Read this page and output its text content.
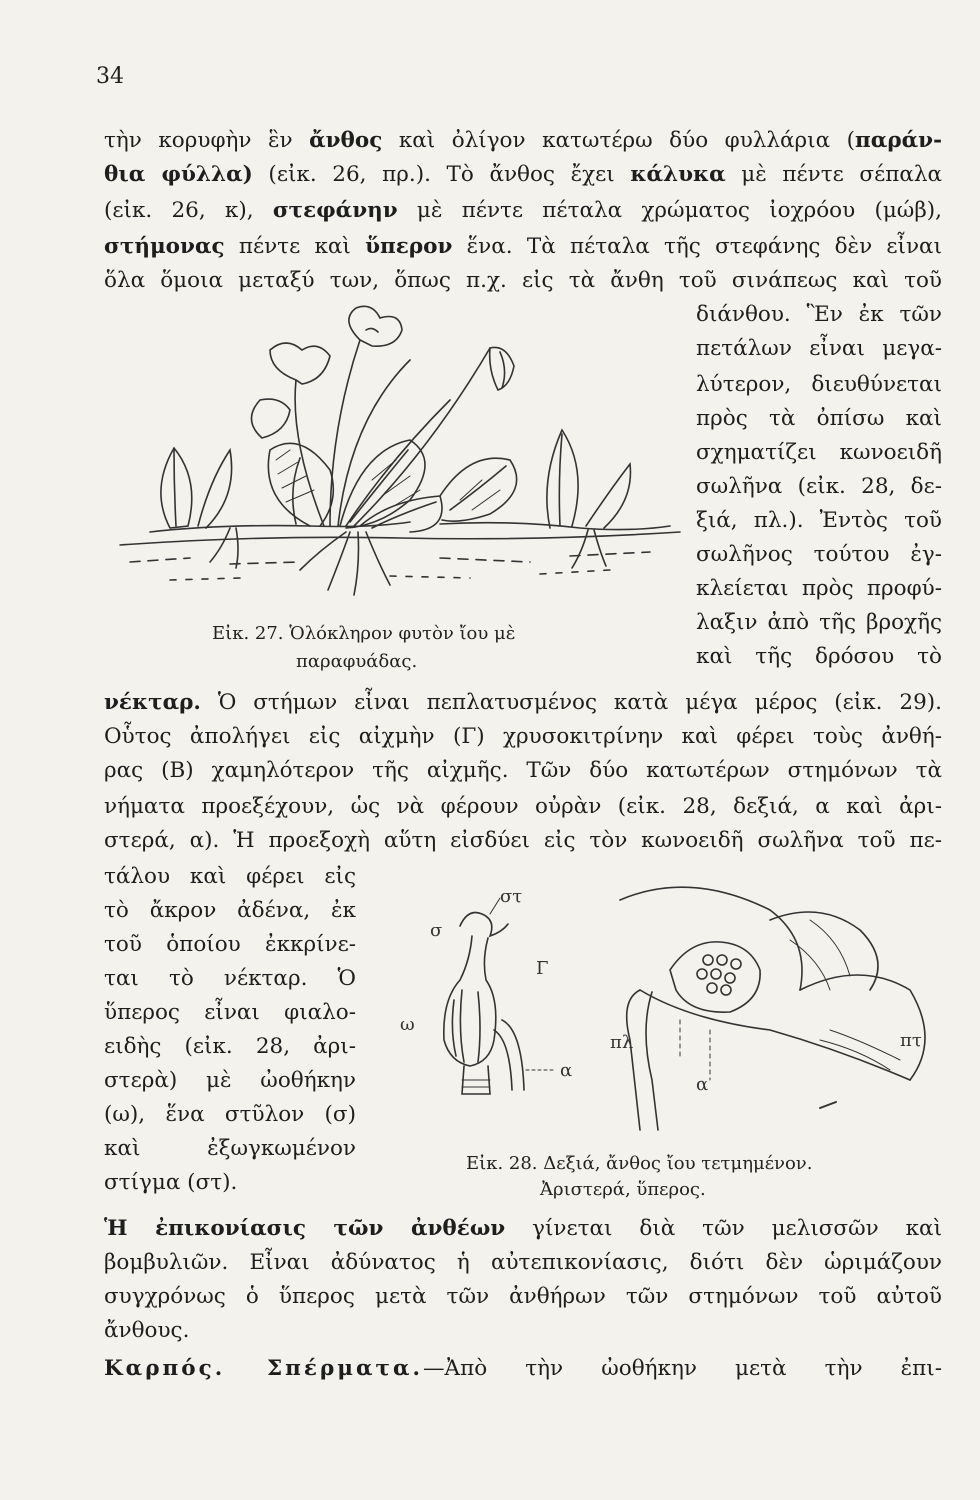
34
τὴν κορυφὴν ἓν ἄνθος καὶ ὀλίγον κατωτέρω δύο φυλλάρια (παράν-
θια φύλλα) (εἰκ. 26, πρ.). Τὸ ἄνθος ἔχει κάλυκα μὲ πέντε σέπαλα
(εἰκ. 26, κ), στεφάνην μὲ πέντε πέταλα χρώματος ἰοχρόου (μώβ),
στήμονας πέντε καὶ ὕπερον ἕνα. Τὰ πέταλα τῆς στεφάνης δὲν εἶναι
ὅλα ὅμοια μεταξύ των, ὅπως π.χ. εἰς τὰ ἄνθη τοῦ σινάπεως καὶ τοῦ
διάνθου. Ἓν ἐκ τῶν
πετάλων εἶναι μεγα-
λύτερον, διευθύνεται
πρὸς τὰ ὀπίσω καὶ
σχηματίζει κωνοειδῆ
σωλῆνα (εἰκ. 28, δε-
ξιά, πλ.). Ἐντὸς τοῦ
σωλῆνος τούτου ἐγ-
κλείεται πρὸς προφύ-
λαξιν ἀπὸ τῆς βροχῆς
καὶ τῆς δρόσου τὸ
Εἰκ. 27. Ὁλόκληρον φυτὸν ἴου μὲ
παραφυάδας.
νέκταρ. Ὁ στήμων εἶναι πεπλατυσμένος κατὰ μέγα μέρος (εἰκ. 29).
Οὗτος ἀπολήγει εἰς αἰχμὴν (Γ) χρυσοκιτρίνην καὶ φέρει τοὺς ἀνθή-
ρας (Β) χαμηλότερον τῆς αἰχμῆς. Τῶν δύο κατωτέρων στημόνων τὰ
νήματα προεξέχουν, ὡς νὰ φέρουν οὐρὰν (εἰκ. 28, δεξιά, α καὶ ἀρι-
στερά, α). Ἡ προεξοχὴ αὕτη εἰσδύει εἰς τὸν κωνοειδῆ σωλῆνα τοῦ πε-
τάλου καὶ φέρει εἰς
τὸ ἄκρον ἀδένα, ἐκ
τοῦ ὁποίου ἐκκρίνε-
ται τὸ νέκταρ. Ὁ
ὕπερος εἶναι φιαλο-
ειδὴς (εἰκ. 28, ἀρι-
στερὰ) μὲ ὠοθήκην
(ω), ἕνα στῦλον (σ)
καὶ ἐξωγκωμένον
στίγμα (στ).
στ
σ
Γ
ω
α
πλ
α
πτ
Εἰκ. 28. Δεξιά, ἄνθος ἴου τετμημένον.
Ἀριστερά, ὕπερος.
Ἡ ἐπικονίασις τῶν ἀνθέων γίνεται διὰ τῶν μελισσῶν καὶ
βομβυλιῶν. Εἶναι ἀδύνατος ἡ αὐτεπικονίασις, διότι δὲν ὡριμάζουν
συγχρόνως ὁ ὕπερος μετὰ τῶν ἀνθήρων τῶν στημόνων τοῦ αὐτοῦ
ἄνθους.
Καρπός. Σπέρματα.—Ἀπὸ τὴν ὠοθήκην μετὰ τὴν ἐπι-
